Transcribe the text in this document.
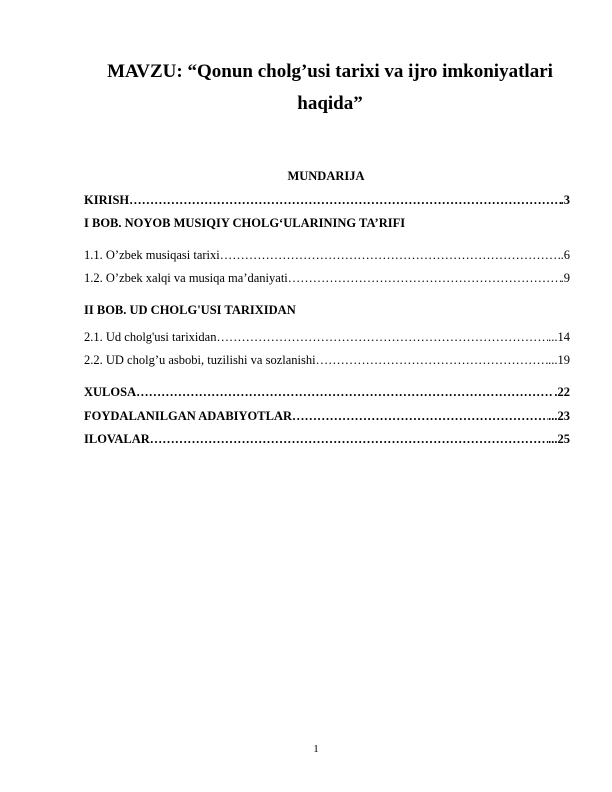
MAVZU: “Qonun cholg’usi tarixi va ijro imkoniyatlari
haqida”
MUNDARIJA
KIRISH …………………………………………………………………………………………………………………………………………………………	.3
I BOB. NOYOB MUSIQIY CHOLG‘ULARINING TA’RIFI
1.1. O’zbek musiqasi tarixi …………………………………………………………………………………………………………………………………………………………	.6
1.2. O’zbek xalqi va musiqa ma’daniyati …………………………………………………………………………………………………………………………………………………………	.9
II BOB. UD CHOLG'USI TARIXIDAN
2.1. Ud cholg'usi tarixidan …………………………………………………………………………………………………………………………………………………………	...14
2.2. UD cholg’u asbobi, tuzilishi va sozlanishi …………………………………………………………………………………………………………………………………………………………	...19
XULOSA …………………………………………………………………………………………………………………………………………………………	.22
FOYDALANILGAN ADABIYOTLAR …………………………………………………………………………………………………………………………………………………………	...23
ILOVALAR …………………………………………………………………………………………………………………………………………………………	...25
1
